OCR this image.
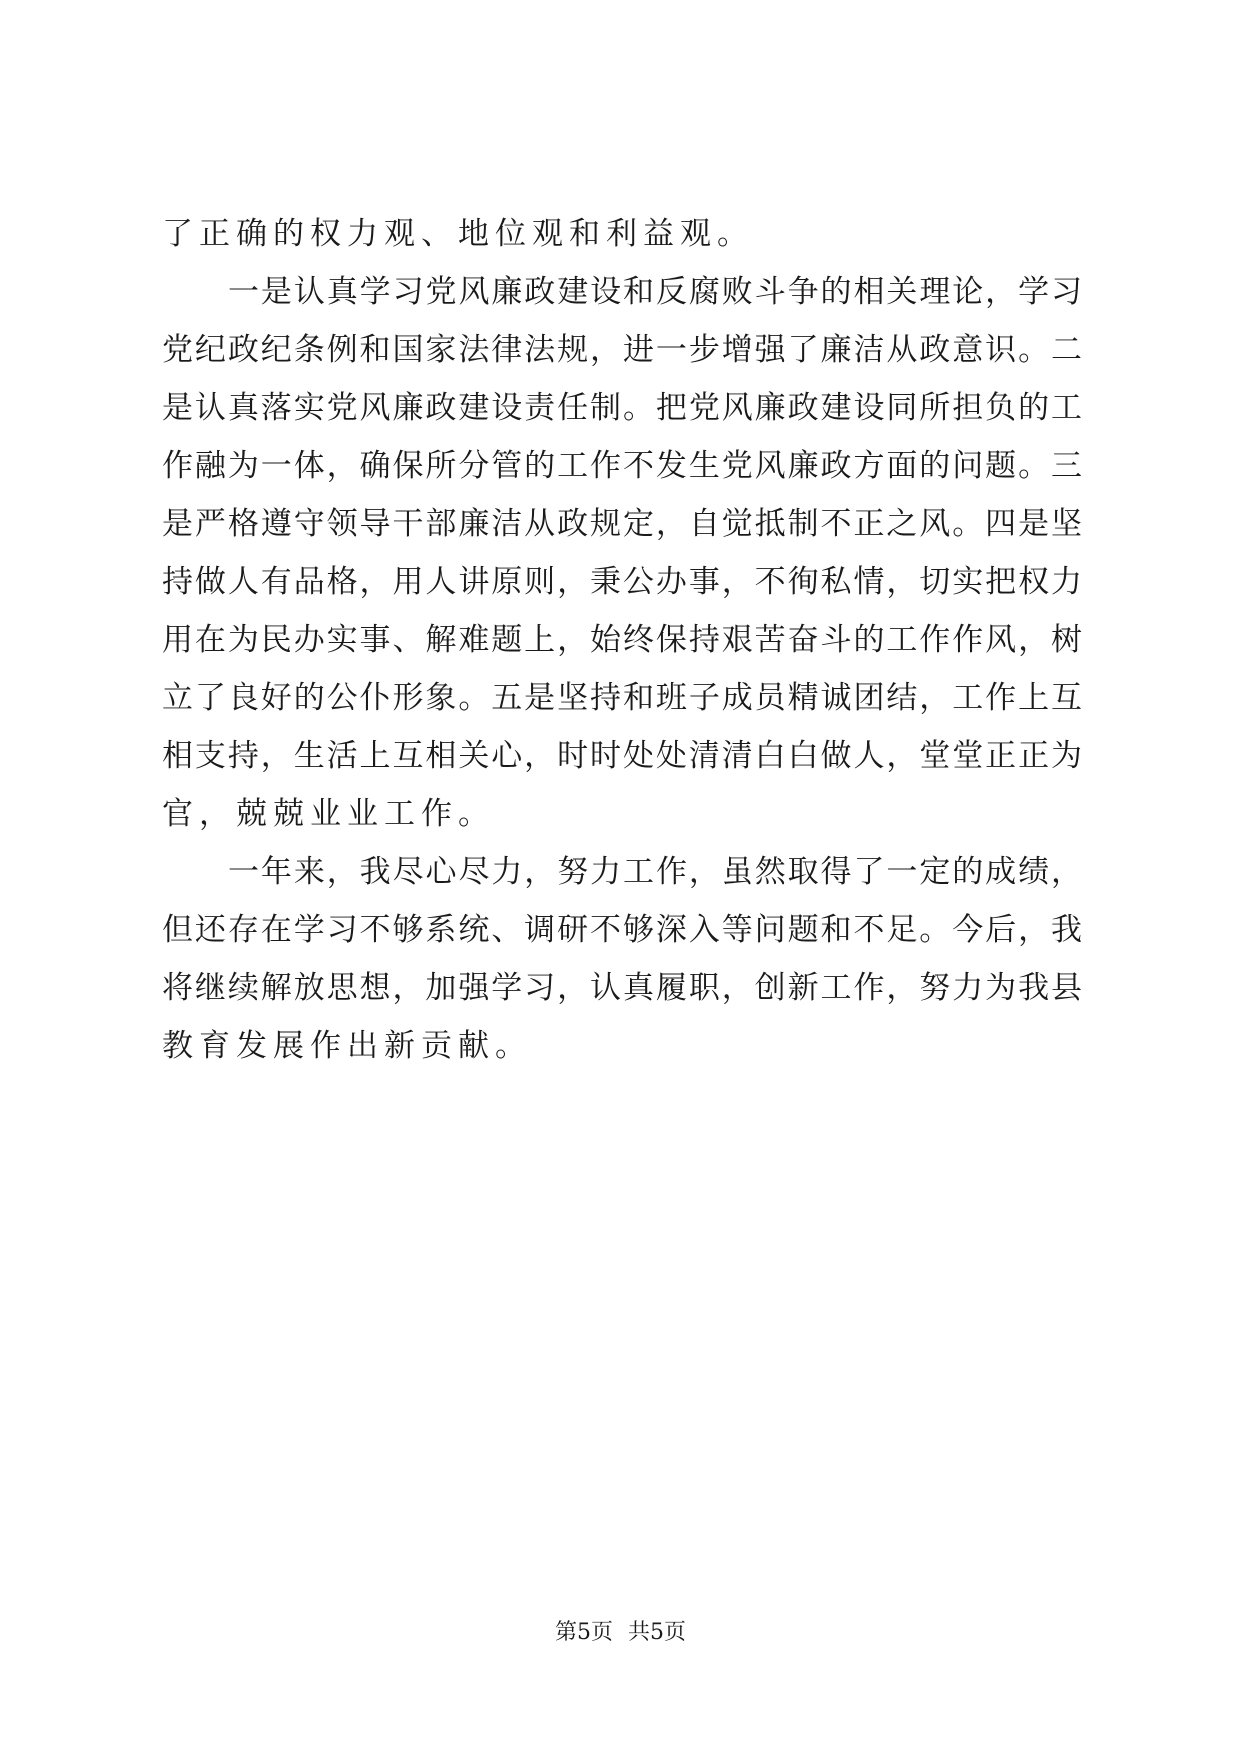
了正确的权力观、地位观和利益观。
一是认真学习党风廉政建设和反腐败斗争的相关理论，学习
党纪政纪条例和国家法律法规，进一步增强了廉洁从政意识。二
是认真落实党风廉政建设责任制。把党风廉政建设同所担负的工
作融为一体，确保所分管的工作不发生党风廉政方面的问题。三
是严格遵守领导干部廉洁从政规定，自觉抵制不正之风。四是坚
持做人有品格，用人讲原则，秉公办事，不徇私情，切实把权力
用在为民办实事、解难题上，始终保持艰苦奋斗的工作作风，树
立了良好的公仆形象。五是坚持和班子成员精诚团结，工作上互
相支持，生活上互相关心，时时处处清清白白做人，堂堂正正为
官，兢兢业业工作。
一年来，我尽心尽力，努力工作，虽然取得了一定的成绩，
但还存在学习不够系统、调研不够深入等问题和不足。今后，我
将继续解放思想，加强学习，认真履职，创新工作，努力为我县
教育发展作出新贡献。
第5页 共5页
